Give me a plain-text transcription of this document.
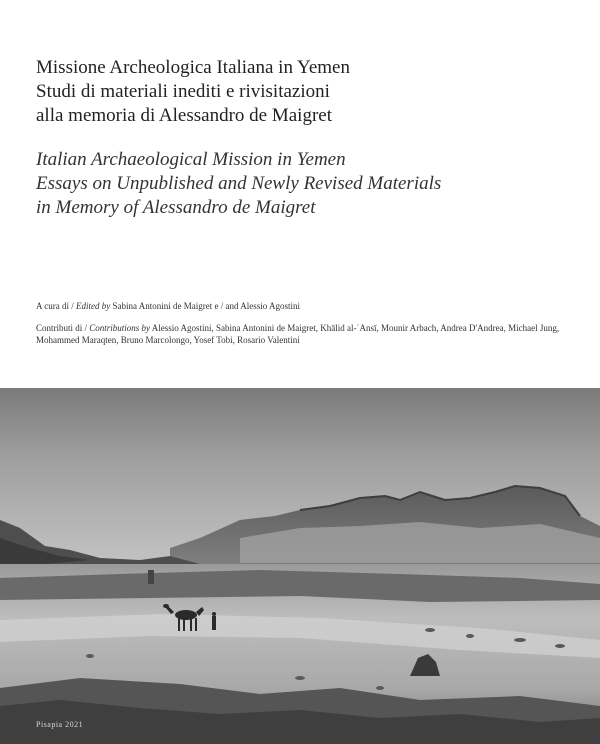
Missione Archeologica Italiana in Yemen
Studi di materiali inediti e rivisitazioni
alla memoria di Alessandro de Maigret
Italian Archaeological Mission in Yemen
Essays on Unpublished and Newly Revised Materials
in Memory of Alessandro de Maigret
A cura di / Edited by Sabina Antonini de Maigret e / and Alessio Agostini
Contributi di / Contributions by Alessio Agostini, Sabina Antonini de Maigret, Khālid al-ʿAnsī, Mounir Arbach, Andrea D'Andrea, Michael Jung, Mohammed Maraqten, Bruno Marcolongo, Yosef Tobi, Rosario Valentini
Pisapia 2021
